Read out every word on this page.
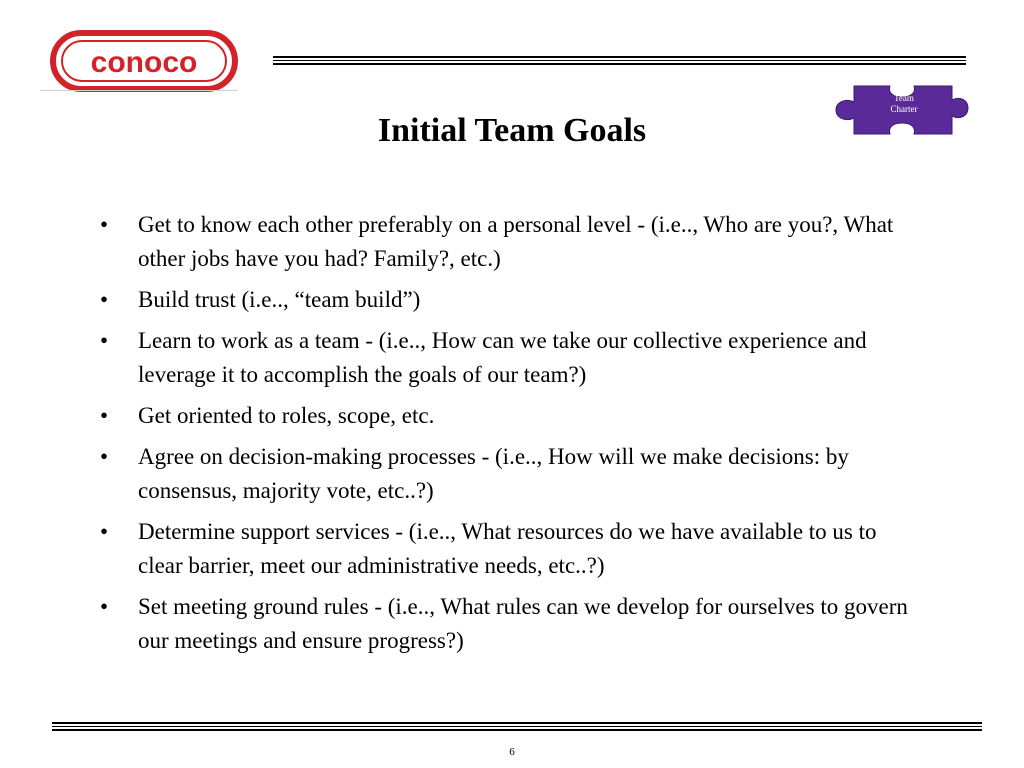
conoco
Team
Charter
Initial Team Goals
• Get to know each other preferably on a personal level - (i.e.., Who are you?, What other jobs have you had? Family?, etc.)
• Build trust (i.e.., “team build”)
• Learn to work as a team - (i.e.., How can we take our collective experience and leverage it to accomplish the goals of our team?)
• Get oriented to roles, scope, etc.
• Agree on decision-making processes - (i.e.., How will we make decisions: by consensus, majority vote, etc..?)
• Determine support services - (i.e.., What resources do we have available to us to clear barrier, meet our administrative needs, etc..?)
• Set meeting ground rules - (i.e.., What rules can we develop for ourselves to govern our meetings and ensure progress?)
6
